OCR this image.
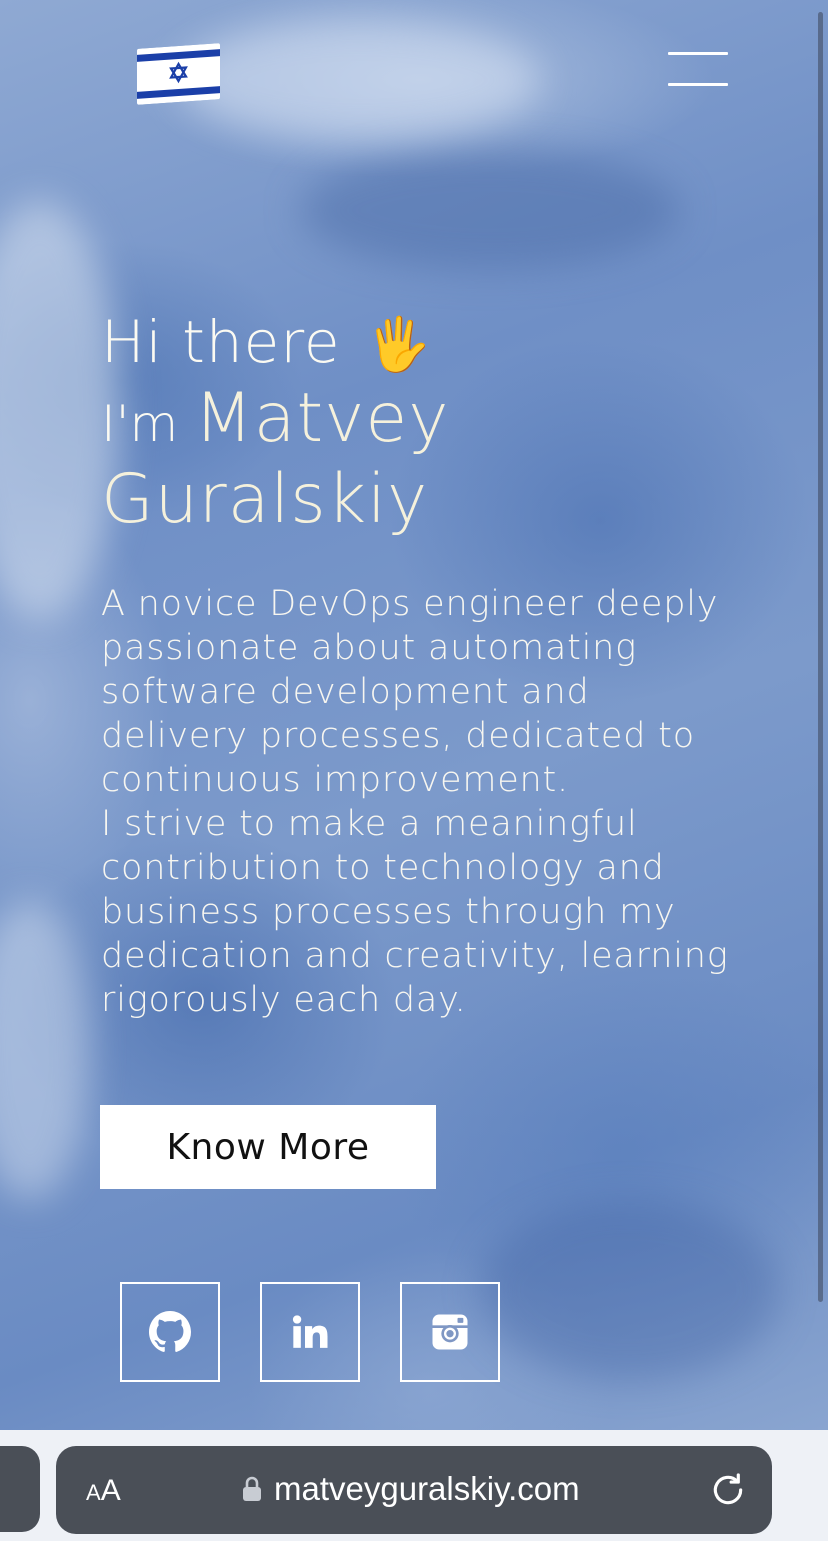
Hi there 🖐
I'm Matvey
Guralskiy

A novice DevOps engineer deeply passionate about automating software development and delivery processes, dedicated to continuous improvement.

I strive to make a meaningful contribution to technology and business processes through my dedication and creativity, learning rigorously each day.

Know More
AA	matveyguralskiy.com
